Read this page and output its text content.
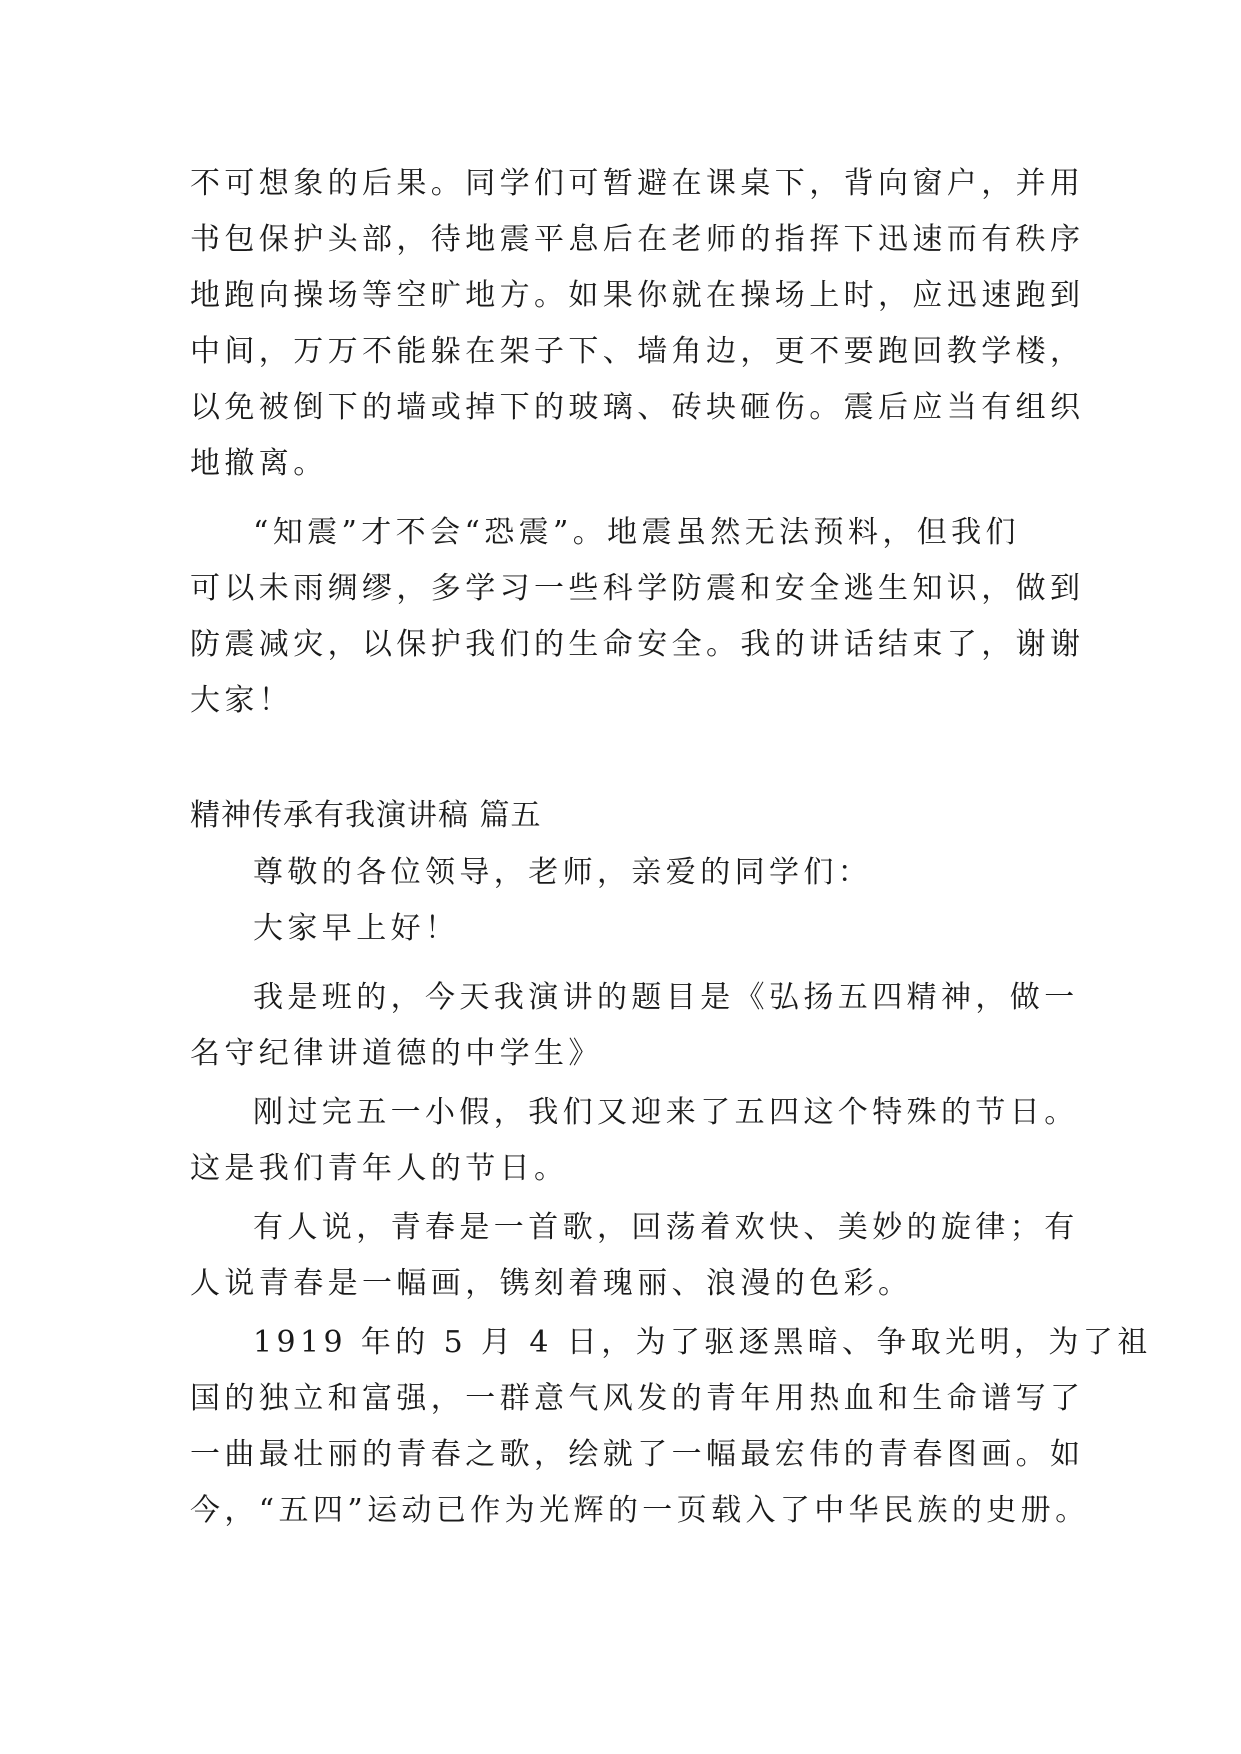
不可想象的后果。同学们可暂避在课桌下，背向窗户，并用
书包保护头部，待地震平息后在老师的指挥下迅速而有秩序
地跑向操场等空旷地方。如果你就在操场上时，应迅速跑到
中间，万万不能躲在架子下、墙角边，更不要跑回教学楼，
以免被倒下的墙或掉下的玻璃、砖块砸伤。震后应当有组织
地撤离。
“知震”才不会“恐震”。地震虽然无法预料，但我们
可以未雨绸缪，多学习一些科学防震和安全逃生知识，做到
防震减灾，以保护我们的生命安全。我的讲话结束了，谢谢
大家！
精神传承有我演讲稿 篇五
尊敬的各位领导，老师，亲爱的同学们：
大家早上好！
我是班的，今天我演讲的题目是《弘扬五四精神，做一
名守纪律讲道德的中学生》
刚过完五一小假，我们又迎来了五四这个特殊的节日。
这是我们青年人的节日。
有人说，青春是一首歌，回荡着欢快、美妙的旋律；有
人说青春是一幅画，镌刻着瑰丽、浪漫的色彩。
1919 年的 5 月 4 日，为了驱逐黑暗、争取光明，为了祖
国的独立和富强，一群意气风发的青年用热血和生命谱写了
一曲最壮丽的青春之歌，绘就了一幅最宏伟的青春图画。如
今，“五四”运动已作为光辉的一页载入了中华民族的史册。
